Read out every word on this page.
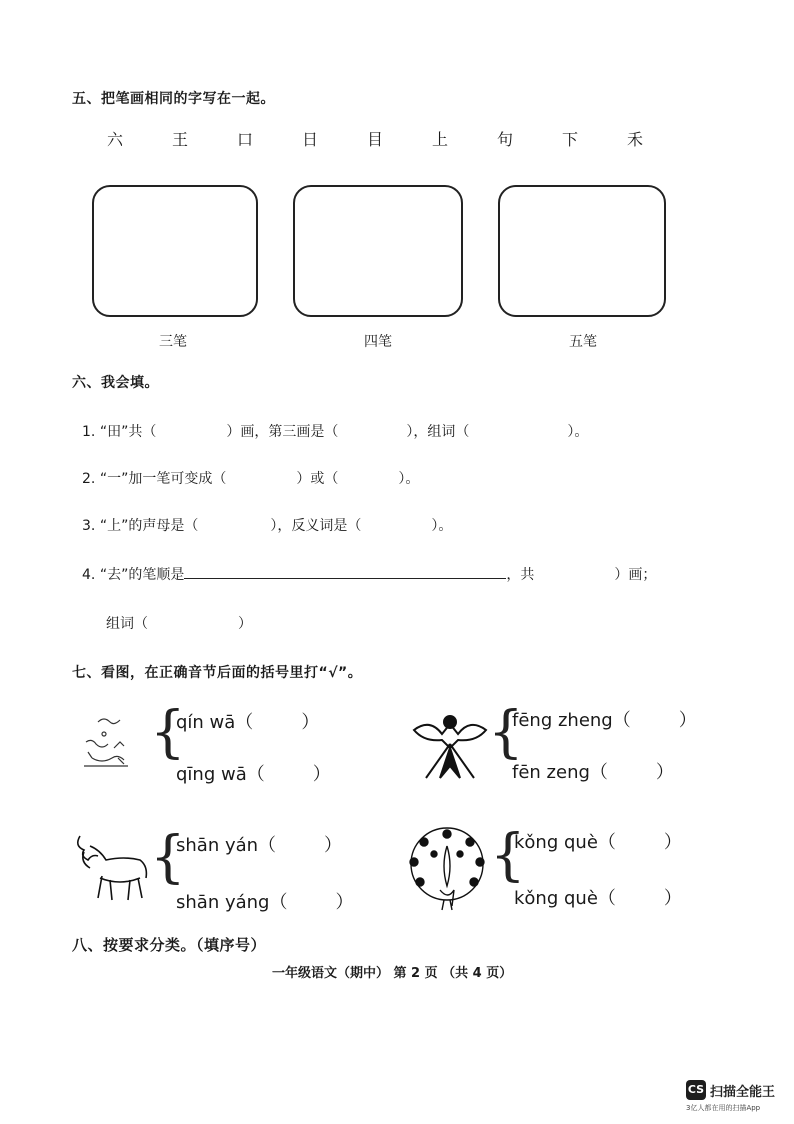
五、把笔画相同的字写在一起。
六	王	口	日	目	上	句	下	禾
三笔	四笔	五笔
六、我会填。
1. “田”共（	）画，第三画是（	），组词（	）。
2. “一”加一笔可变成（	）或（	）。
3. “上”的声母是（	），反义词是（	）。
4. “去”的笔顺是	，共	）画；
组词（	）
七、看图，在正确音节后面的括号里打“√”。
{
qín wā（	）
qīng wā（	）
{
fēng zheng（	）
fēn zeng（	）
{
shān yán（	）
shān yáng（	）
{
kǒng què（	）
kǒng què（	）
八、按要求分类。（填序号）
一年级语文（期中） 第 2 页 （共 4 页）
CS 扫描全能王
3亿人都在用的扫描App
